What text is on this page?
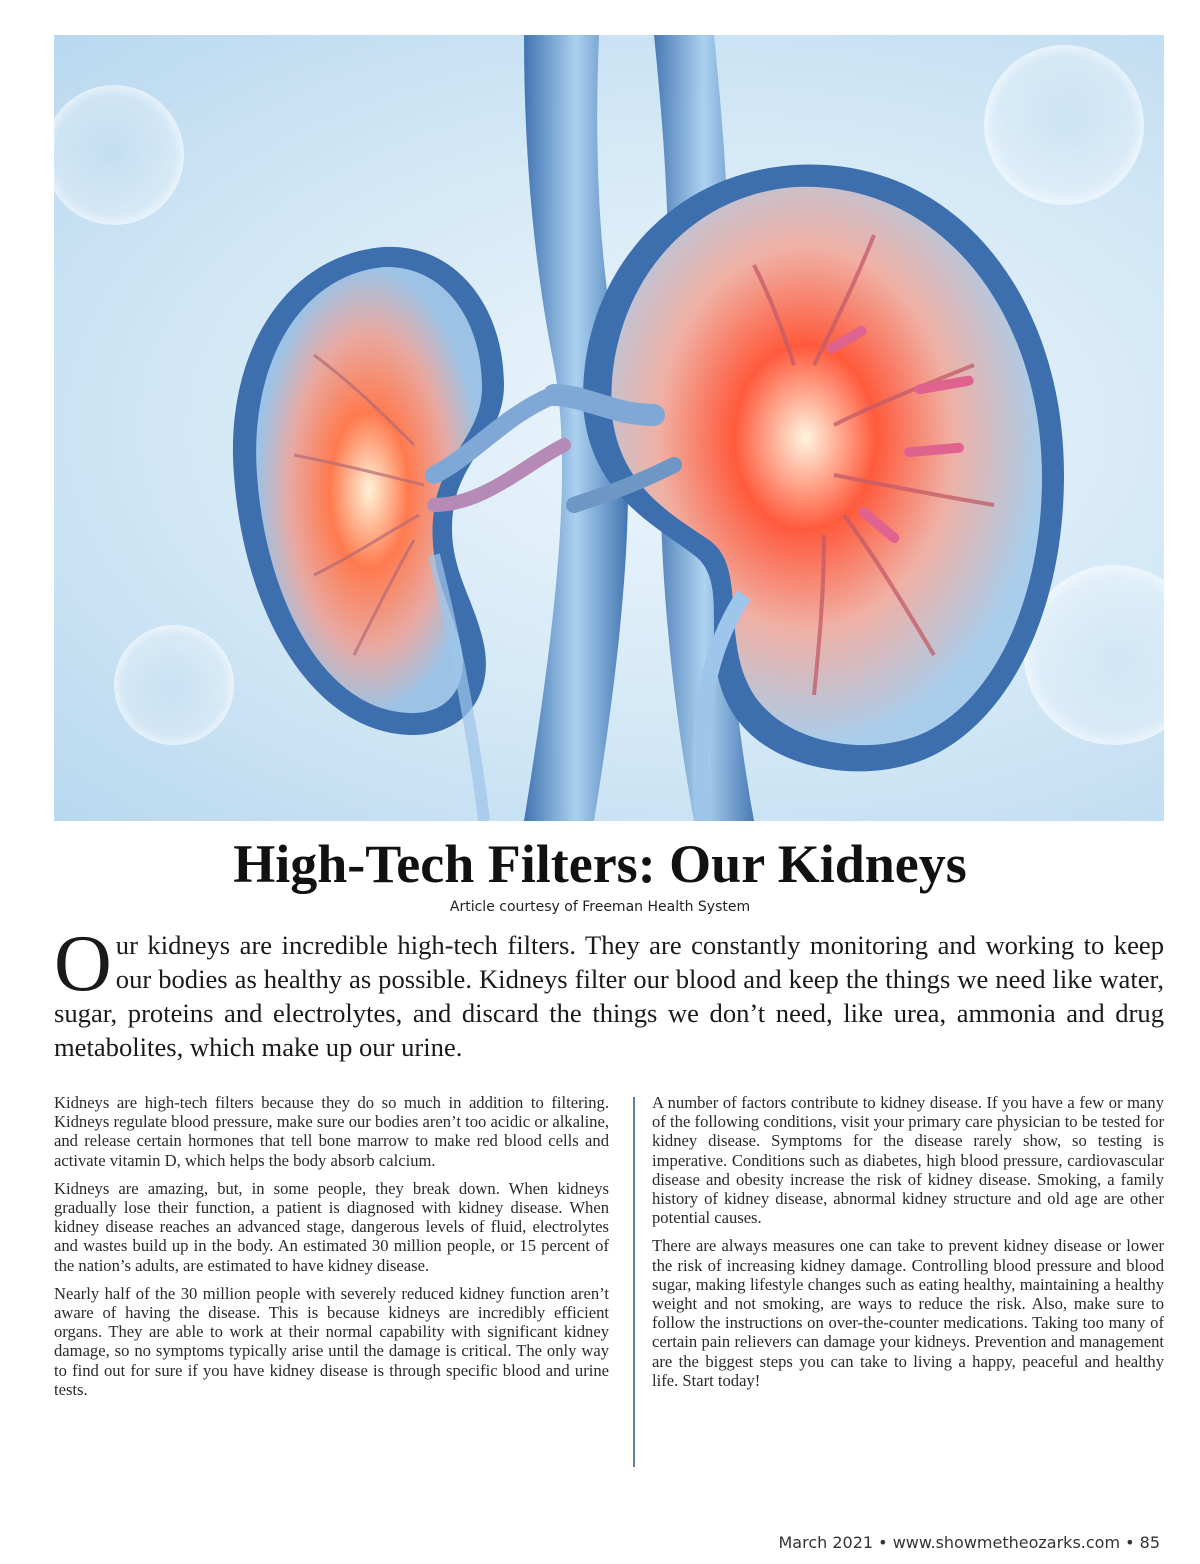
High-Tech Filters: Our Kidneys
Article courtesy of Freeman Health System
Our kidneys are incredible high-tech filters. They are constantly monitoring and working to keep our bodies as healthy as possible. Kidneys filter our blood and keep the things we need like water, sugar, proteins and electrolytes, and discard the things we don’t need, like urea, ammonia and drug metabolites, which make up our urine.

Kidneys are high-tech filters because they do so much in addition to filtering. Kidneys regulate blood pressure, make sure our bodies aren’t too acidic or alkaline, and release certain hormones that tell bone marrow to make red blood cells and activate vitamin D, which helps the body absorb calcium.

Kidneys are amazing, but, in some people, they break down. When kidneys gradually lose their function, a patient is diagnosed with kidney disease. When kidney disease reaches an advanced stage, dangerous levels of fluid, electrolytes and wastes build up in the body. An estimated 30 million people, or 15 percent of the nation’s adults, are estimated to have kidney disease.

Nearly half of the 30 million people with severely reduced kidney function aren’t aware of having the disease. This is because kidneys are incredibly efficient organs. They are able to work at their normal capability with significant kidney damage, so no symptoms typically arise until the damage is critical. The only way to find out for sure if you have kidney disease is through specific blood and urine tests.

A number of factors contribute to kidney disease. If you have a few or many of the following conditions, visit your primary care physician to be tested for kidney disease. Symptoms for the disease rarely show, so testing is imperative. Conditions such as diabetes, high blood pressure, cardiovascular disease and obesity increase the risk of kidney disease. Smoking, a family history of kidney disease, abnormal kidney structure and old age are other potential causes.

There are always measures one can take to prevent kidney disease or lower the risk of increasing kidney damage. Controlling blood pressure and blood sugar, making lifestyle changes such as eating healthy, maintaining a healthy weight and not smoking, are ways to reduce the risk. Also, make sure to follow the instructions on over-the-counter medications. Taking too many of certain pain relievers can damage your kidneys. Prevention and management are the biggest steps you can take to living a happy, peaceful and healthy life. Start today!

March 2021 • www.showmetheozarks.com • 85
